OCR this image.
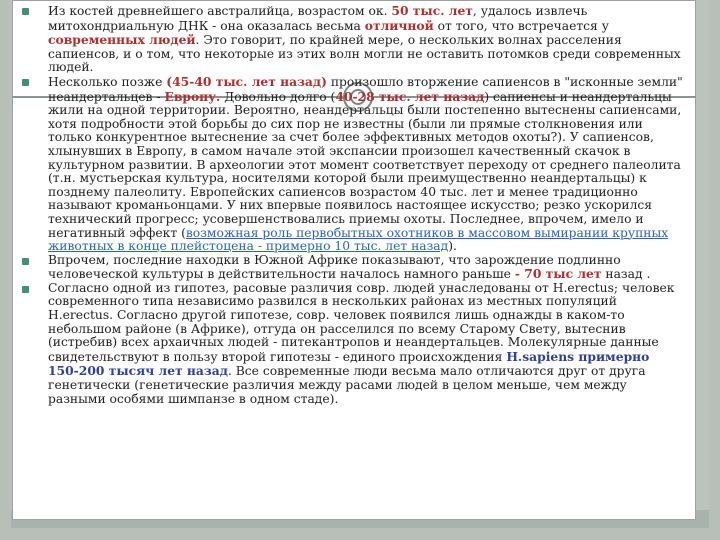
Из костей древнейшего австралийца, возрастом ок. 50 тыс. лет, удалось извлечь митохондриальную ДНК - она оказалась весьма отличной от того, что встречается у современных людей. Это говорит, по крайней мере, о нескольких волнах расселения сапиенсов, и о том, что некоторые из этих волн могли не оставить потомков среди современных людей.
Несколько позже (45-40 тыс. лет назад) произошло вторжение сапиенсов в "исконные земли" неандертальцев - Европу. Довольно долго (40-28 тыс. лет назад) сапиенсы и неандертальцы жили на одной территории. Вероятно, неандертальцы были постепенно вытеснены сапиенсами, хотя подробности этой борьбы до сих пор не известны (были ли прямые столкновения или только конкурентное вытеснение за счет более эффективных методов охоты?). У сапиенсов, хлынувших в Европу, в самом начале этой экспансии произошел качественный скачок в культурном развитии. В археологии этот момент соответствует переходу от среднего палеолита (т.н. мустьерская культура, носителями которой были преимущественно неандертальцы) к позднему палеолиту. Европейских сапиенсов возрастом 40 тыс. лет и менее традиционно называют кроманьонцами. У них впервые появилось настоящее искусство; резко ускорился технический прогресс; усовершенствовались приемы охоты. Последнее, впрочем, имело и негативный эффект (возможная роль первобытных охотников в массовом вымирании крупных животных в конце плейстоцена - примерно 10 тыс. лет назад).
Впрочем, последние находки в Южной Африке показывают, что зарождение подлинно человеческой культуры в действительности началось намного раньше - 70 тыс лет назад .
Согласно одной из гипотез, расовые различия совр. людей унаследованы от H.erectus; человек современного типа независимо развился в нескольких районах из местных популяций H.erectus. Согласно другой гипотезе, совр. человек появился лишь однажды в каком-то небольшом районе (в Африке), отгуда он расселился по всему Старому Свету, вытеснив (истребив) всех архаичных людей - питекантропов и неандертальцев. Молекулярные данные свидетельствуют в пользу второй гипотезы - единого происхождения H.sapiens примерно 150-200 тысяч лет назад. Все современные люди весьма мало отличаются друг от друга генетически (генетические различия между расами людей в целом меньше, чем между разными особями шимпанзе в одном стаде).
